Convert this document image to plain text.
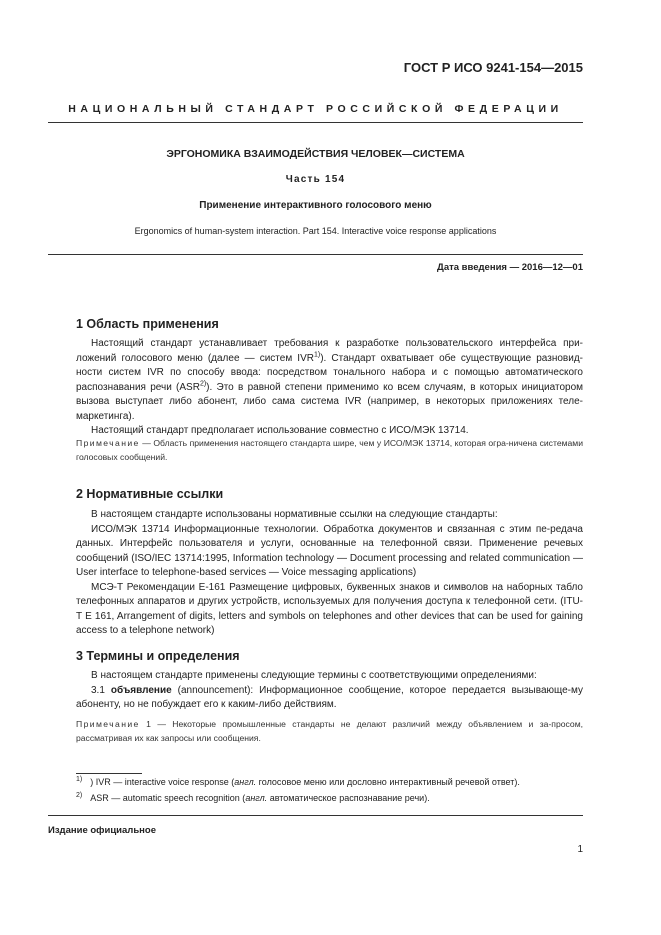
ГОСТ Р ИСО 9241-154—2015
НАЦИОНАЛЬНЫЙ СТАНДАРТ РОССИЙСКОЙ ФЕДЕРАЦИИ
ЭРГОНОМИКА ВЗАИМОДЕЙСТВИЯ ЧЕЛОВЕК—СИСТЕМА
Часть 154
Применение интерактивного голосового меню
Ergonomics of human-system interaction. Part 154. Interactive voice response applications
Дата введения — 2016—12—01
1 Область применения

Настоящий стандарт устанавливает требования к разработке пользовательского интерфейса при-ложений голосового меню (далее — систем IVR$^{1)}$). Стандарт охватывает обе существующие разновид-ности систем IVR по способу ввода: посредством тонального набора и с помощью автоматического распознавания речи (ASR$^{2)}$). Это в равной степени применимо ко всем случаям, в которых инициатором вызова выступает либо абонент, либо сама система IVR (например, в некоторых приложениях теле-маркетинга).

Настоящий стандарт предполагает использование совместно с ИСО/МЭК 13714.

Примечание — Область применения настоящего стандарта шире, чем у ИСО/МЭК 13714, которая огра-ничена системами голосовых сообщений.
2 Нормативные ссылки

В настоящем стандарте использованы нормативные ссылки на следующие стандарты:

ИСО/МЭК 13714 Информационные технологии. Обработка документов и связанная с этим пе-редача данных. Интерфейс пользователя и услуги, основанные на телефонной связи. Применение речевых сообщений (ISO/IEC 13714:1995, Information technology — Document processing and related communication — User interface to telephone-based services — Voice messaging applications)

МСЭ-Т Рекомендации Е-161 Размещение цифровых, буквенных знаков и символов на наборных табло телефонных аппаратов и других устройств, используемых для получения доступа к телефонной сети. (ITU-T E 161, Arrangement of digits, letters and symbols on telephones and other devices that can be used for gaining access to a telephone network)

3 Термины и определения

В настоящем стандарте применены следующие термины с соответствующими определениями:

3.1 объявление (announcement): Информационное сообщение, которое передается вызывающе-му абоненту, но не побуждает его к каким-либо действиям.

Примечание 1 — Некоторые промышленные стандарты не делают различий между объявлением и за-просом, рассматривая их как запросы или сообщения.
$^{1)}$ ) IVR — interactive voice response (англ. голосовое меню или дословно интерактивный речевой ответ).
$^{2)}$ ASR — automatic speech recognition (англ. автоматическое распознавание речи).
Издание официальное
1
